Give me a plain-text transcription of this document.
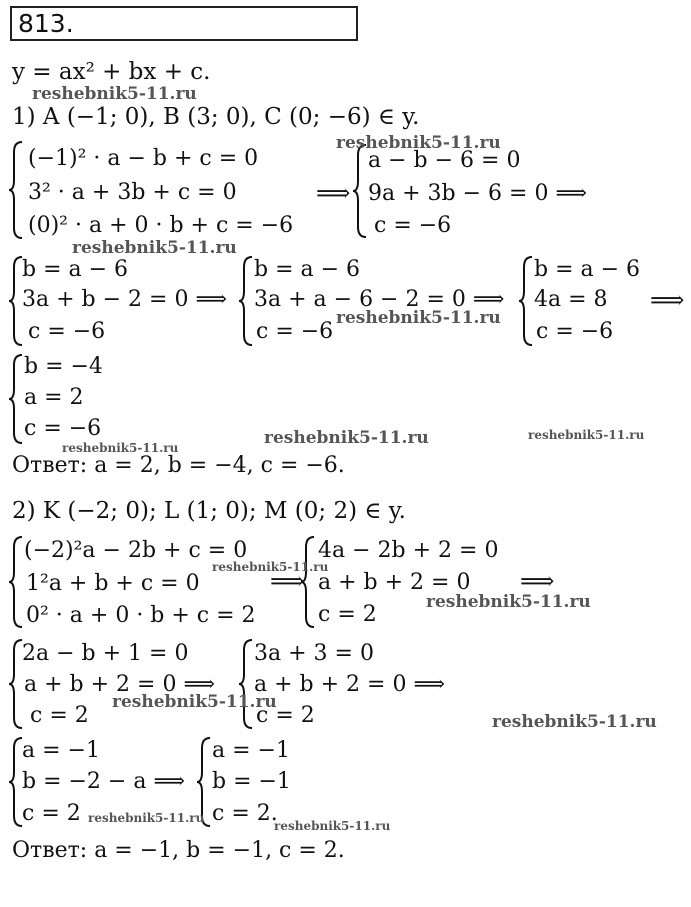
813.
y = ax² + bx + c.
1) A (−1; 0), B (3; 0), C (0; −6) ∈ y.
(−1)² · a − b + c = 0
3² · a + 3b + c = 0
(0)² · a + 0 · b + c = −6
⟹
a − b − 6 = 0
9a + 3b − 6 = 0 ⟹
c = −6
b = a − 6
3a + b − 2 = 0 ⟹
c = −6
b = a − 6
3a + a − 6 − 2 = 0 ⟹
c = −6
b = a − 6
4a = 8
c = −6
⟹
b = −4
a = 2
c = −6
Ответ: a = 2, b = −4, c = −6.
2) K (−2; 0); L (1; 0); M (0; 2) ∈ y.
(−2)²a − 2b + c = 0
1²a + b + c = 0
0² · a + 0 · b + c = 2
⟹
4a − 2b + 2 = 0
a + b + 2 = 0
c = 2
⟹
2a − b + 1 = 0
a + b + 2 = 0 ⟹
c = 2
3a + 3 = 0
a + b + 2 = 0 ⟹
c = 2
a = −1
b = −2 − a ⟹
c = 2
a = −1
b = −1
c = 2.
Ответ: a = −1, b = −1, c = 2.
reshebnik5-11.ru
reshebnik5-11.ru
reshebnik5-11.ru
reshebnik5-11.ru
reshebnik5-11.ru	reshebnik5-11.ru	reshebnik5-11.ru
reshebnik5-11.ru
reshebnik5-11.ru
reshebnik5-11.ru
reshebnik5-11.ru
reshebnik5-11.ru
reshebnik5-11.ru
